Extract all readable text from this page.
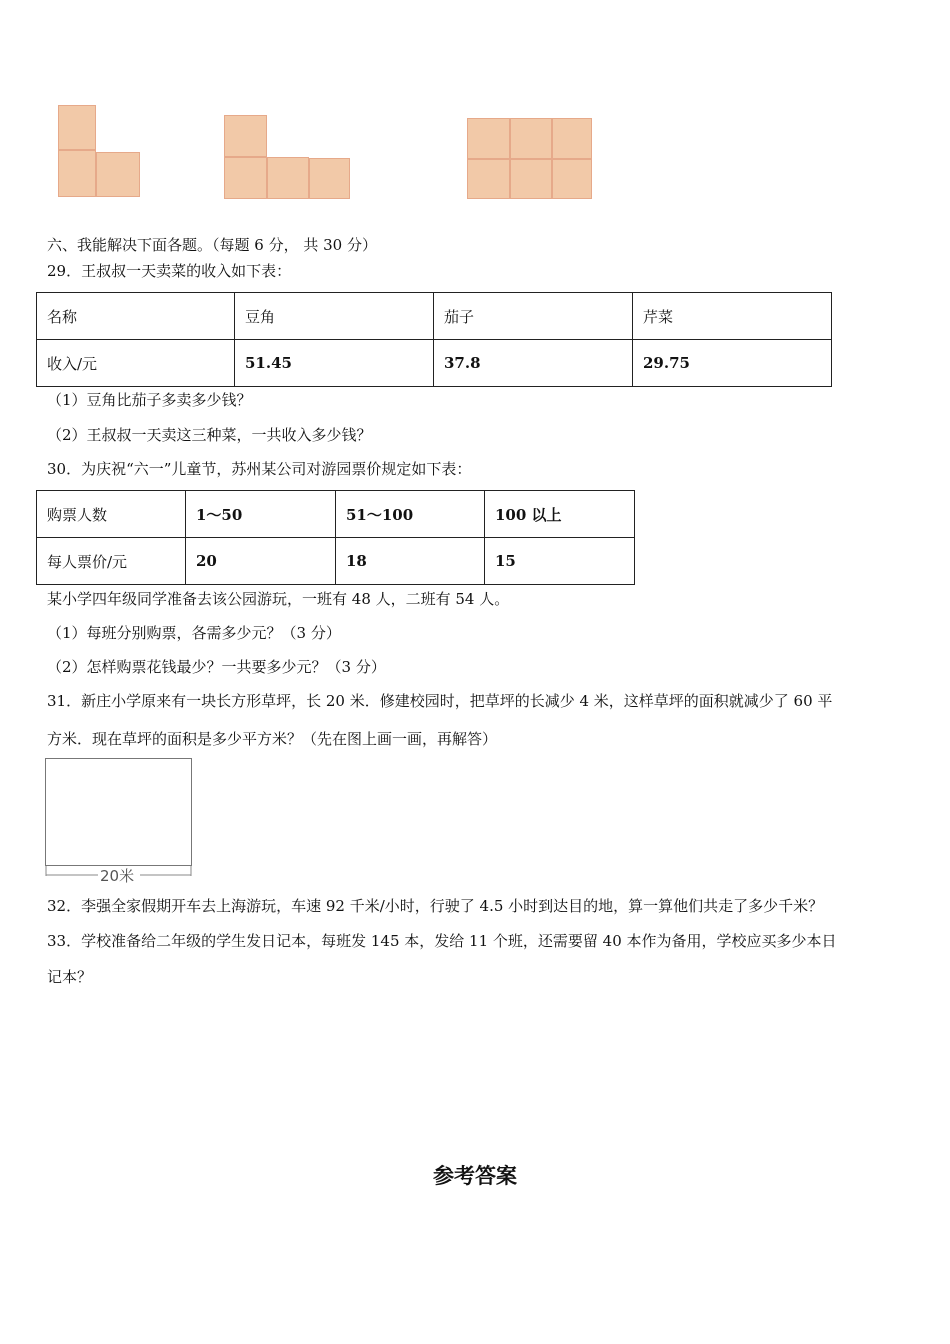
六、我能解决下面各题。（每题 6 分， 共 30 分）
29．王叔叔一天卖菜的收入如下表：
名称	豆角	茄子	芹菜
收入/元	51.45	37.8	29.75
（1）豆角比茄子多卖多少钱？
（2）王叔叔一天卖这三种菜，一共收入多少钱？
30．为庆祝“六一”儿童节，苏州某公司对游园票价规定如下表：
购票人数	1～50	51～100	100 以上
每人票价/元	20	18	15
某小学四年级同学准备去该公园游玩，一班有 48 人，二班有 54 人。
（1）每班分别购票，各需多少元？（3 分）
（2）怎样购票花钱最少？一共要多少元？（3 分）
31．新庄小学原来有一块长方形草坪，长 20 米．修建校园时，把草坪的长减少 4 米，这样草坪的面积就减少了 60 平
方米．现在草坪的面积是多少平方米？（先在图上画一画，再解答）
20米
32．李强全家假期开车去上海游玩，车速 92 千米/小时，行驶了 4.5 小时到达目的地，算一算他们共走了多少千米？
33．学校准备给二年级的学生发日记本，每班发 145 本，发给 11 个班，还需要留 40 本作为备用，学校应买多少本日
记本？
参考答案
